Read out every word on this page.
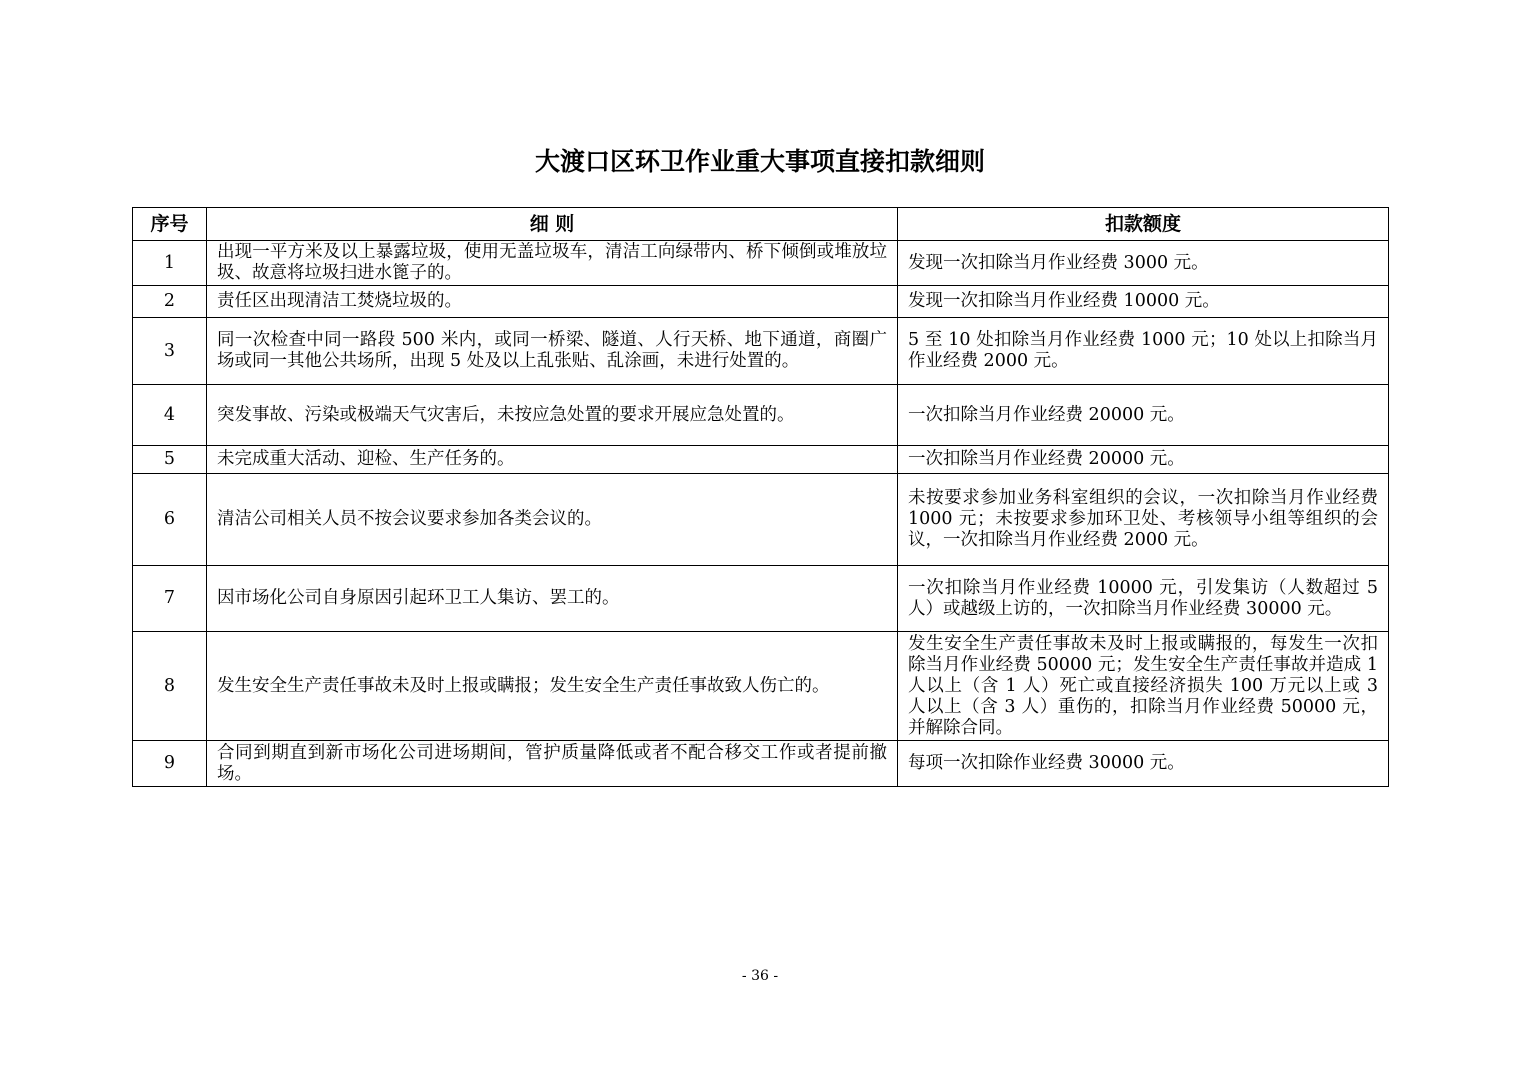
大渡口区环卫作业重大事项直接扣款细则
序号	细 则	扣款额度
1	出现一平方米及以上暴露垃圾，使用无盖垃圾车，清洁工向绿带内、桥下倾倒或堆放垃圾、故意将垃圾扫进水篦子的。	发现一次扣除当月作业经费 3000 元。
2	责任区出现清洁工焚烧垃圾的。	发现一次扣除当月作业经费 10000 元。
3	同一次检查中同一路段 500 米内，或同一桥梁、隧道、人行天桥、地下通道，商圈广场或同一其他公共场所，出现 5 处及以上乱张贴、乱涂画，未进行处置的。	5 至 10 处扣除当月作业经费 1000 元；10 处以上扣除当月作业经费 2000 元。
4	突发事故、污染或极端天气灾害后，未按应急处置的要求开展应急处置的。	一次扣除当月作业经费 20000 元。
5	未完成重大活动、迎检、生产任务的。	一次扣除当月作业经费 20000 元。
6	清洁公司相关人员不按会议要求参加各类会议的。	未按要求参加业务科室组织的会议，一次扣除当月作业经费 1000 元；未按要求参加环卫处、考核领导小组等组织的会议，一次扣除当月作业经费 2000 元。
7	因市场化公司自身原因引起环卫工人集访、罢工的。	一次扣除当月作业经费 10000 元，引发集访（人数超过 5 人）或越级上访的，一次扣除当月作业经费 30000 元。
8	发生安全生产责任事故未及时上报或瞒报；发生安全生产责任事故致人伤亡的。	发生安全生产责任事故未及时上报或瞒报的，每发生一次扣除当月作业经费 50000 元；发生安全生产责任事故并造成 1 人以上（含 1 人）死亡或直接经济损失 100 万元以上或 3 人以上（含 3 人）重伤的，扣除当月作业经费 50000 元，并解除合同。
9	合同到期直到新市场化公司进场期间，管护质量降低或者不配合移交工作或者提前撤场。	每项一次扣除作业经费 30000 元。
- 36 -
